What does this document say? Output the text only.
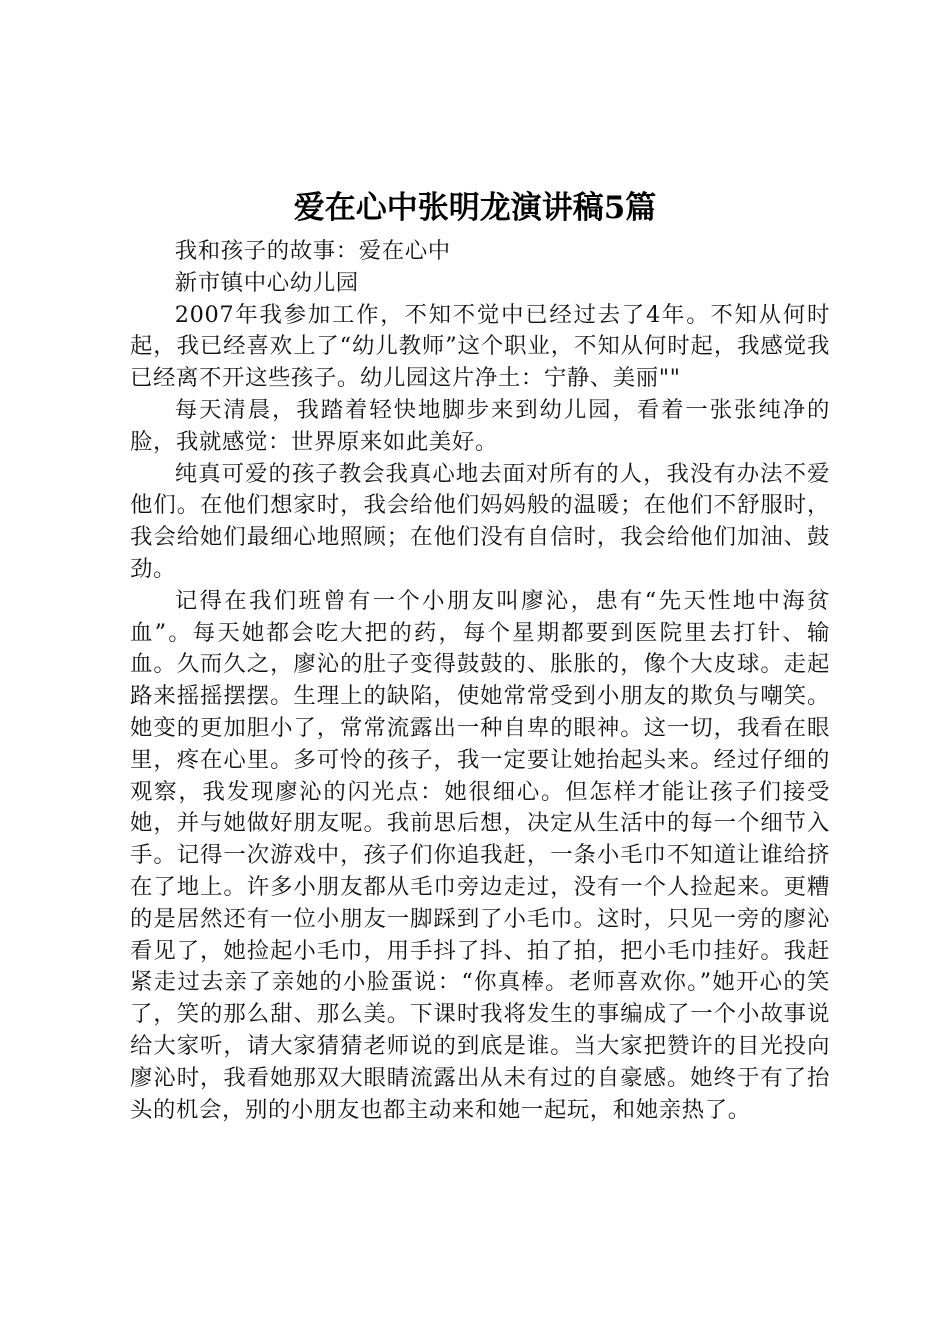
爱在心中张明龙演讲稿5篇

我和孩子的故事：爱在心中

新市镇中心幼儿园

2007年我参加工作，不知不觉中已经过去了4年。不知从何时起，我已经喜欢上了“幼儿教师”这个职业，不知从何时起，我感觉我已经离不开这些孩子。幼儿园这片净土：宁静、美丽""

每天清晨，我踏着轻快地脚步来到幼儿园，看着一张张纯净的脸，我就感觉：世界原来如此美好。

纯真可爱的孩子教会我真心地去面对所有的人，我没有办法不爱他们。在他们想家时，我会给他们妈妈般的温暖；在他们不舒服时，我会给她们最细心地照顾；在他们没有自信时，我会给他们加油、鼓劲。

记得在我们班曾有一个小朋友叫廖沁，患有“先天性地中海贫血”。每天她都会吃大把的药，每个星期都要到医院里去打针、输血。久而久之，廖沁的肚子变得鼓鼓的、胀胀的，像个大皮球。走起路来摇摇摆摆。生理上的缺陷，使她常常受到小朋友的欺负与嘲笑。她变的更加胆小了，常常流露出一种自卑的眼神。这一切，我看在眼里，疼在心里。多可怜的孩子，我一定要让她抬起头来。经过仔细的观察，我发现廖沁的闪光点：她很细心。但怎样才能让孩子们接受她，并与她做好朋友呢。我前思后想，决定从生活中的每一个细节入手。记得一次游戏中，孩子们你追我赶，一条小毛巾不知道让谁给挤在了地上。许多小朋友都从毛巾旁边走过，没有一个人捡起来。更糟的是居然还有一位小朋友一脚踩到了小毛巾。这时，只见一旁的廖沁看见了，她捡起小毛巾，用手抖了抖、拍了拍，把小毛巾挂好。我赶紧走过去亲了亲她的小脸蛋说：“你真棒。老师喜欢你。”她开心的笑了，笑的那么甜、那么美。下课时我将发生的事编成了一个小故事说给大家听，请大家猜猜老师说的到底是谁。当大家把赞许的目光投向廖沁时，我看她那双大眼睛流露出从未有过的自豪感。她终于有了抬头的机会，别的小朋友也都主动来和她一起玩，和她亲热了。
